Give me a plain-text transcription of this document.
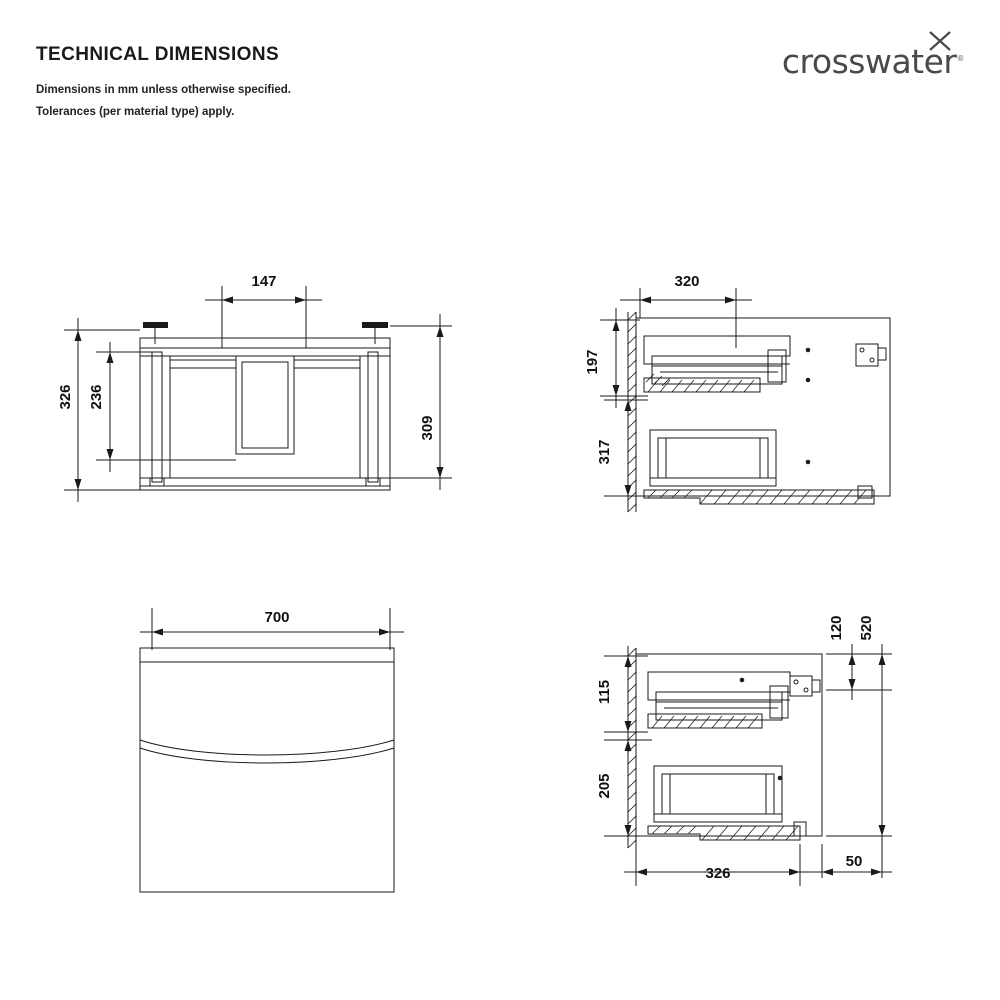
TECHNICAL DIMENSIONS
Dimensions in mm unless otherwise specified.
Tolerances (per material type) apply.
crosswater®
147
326 236
309
320
197
317
700	120 520
115
205
326
50
